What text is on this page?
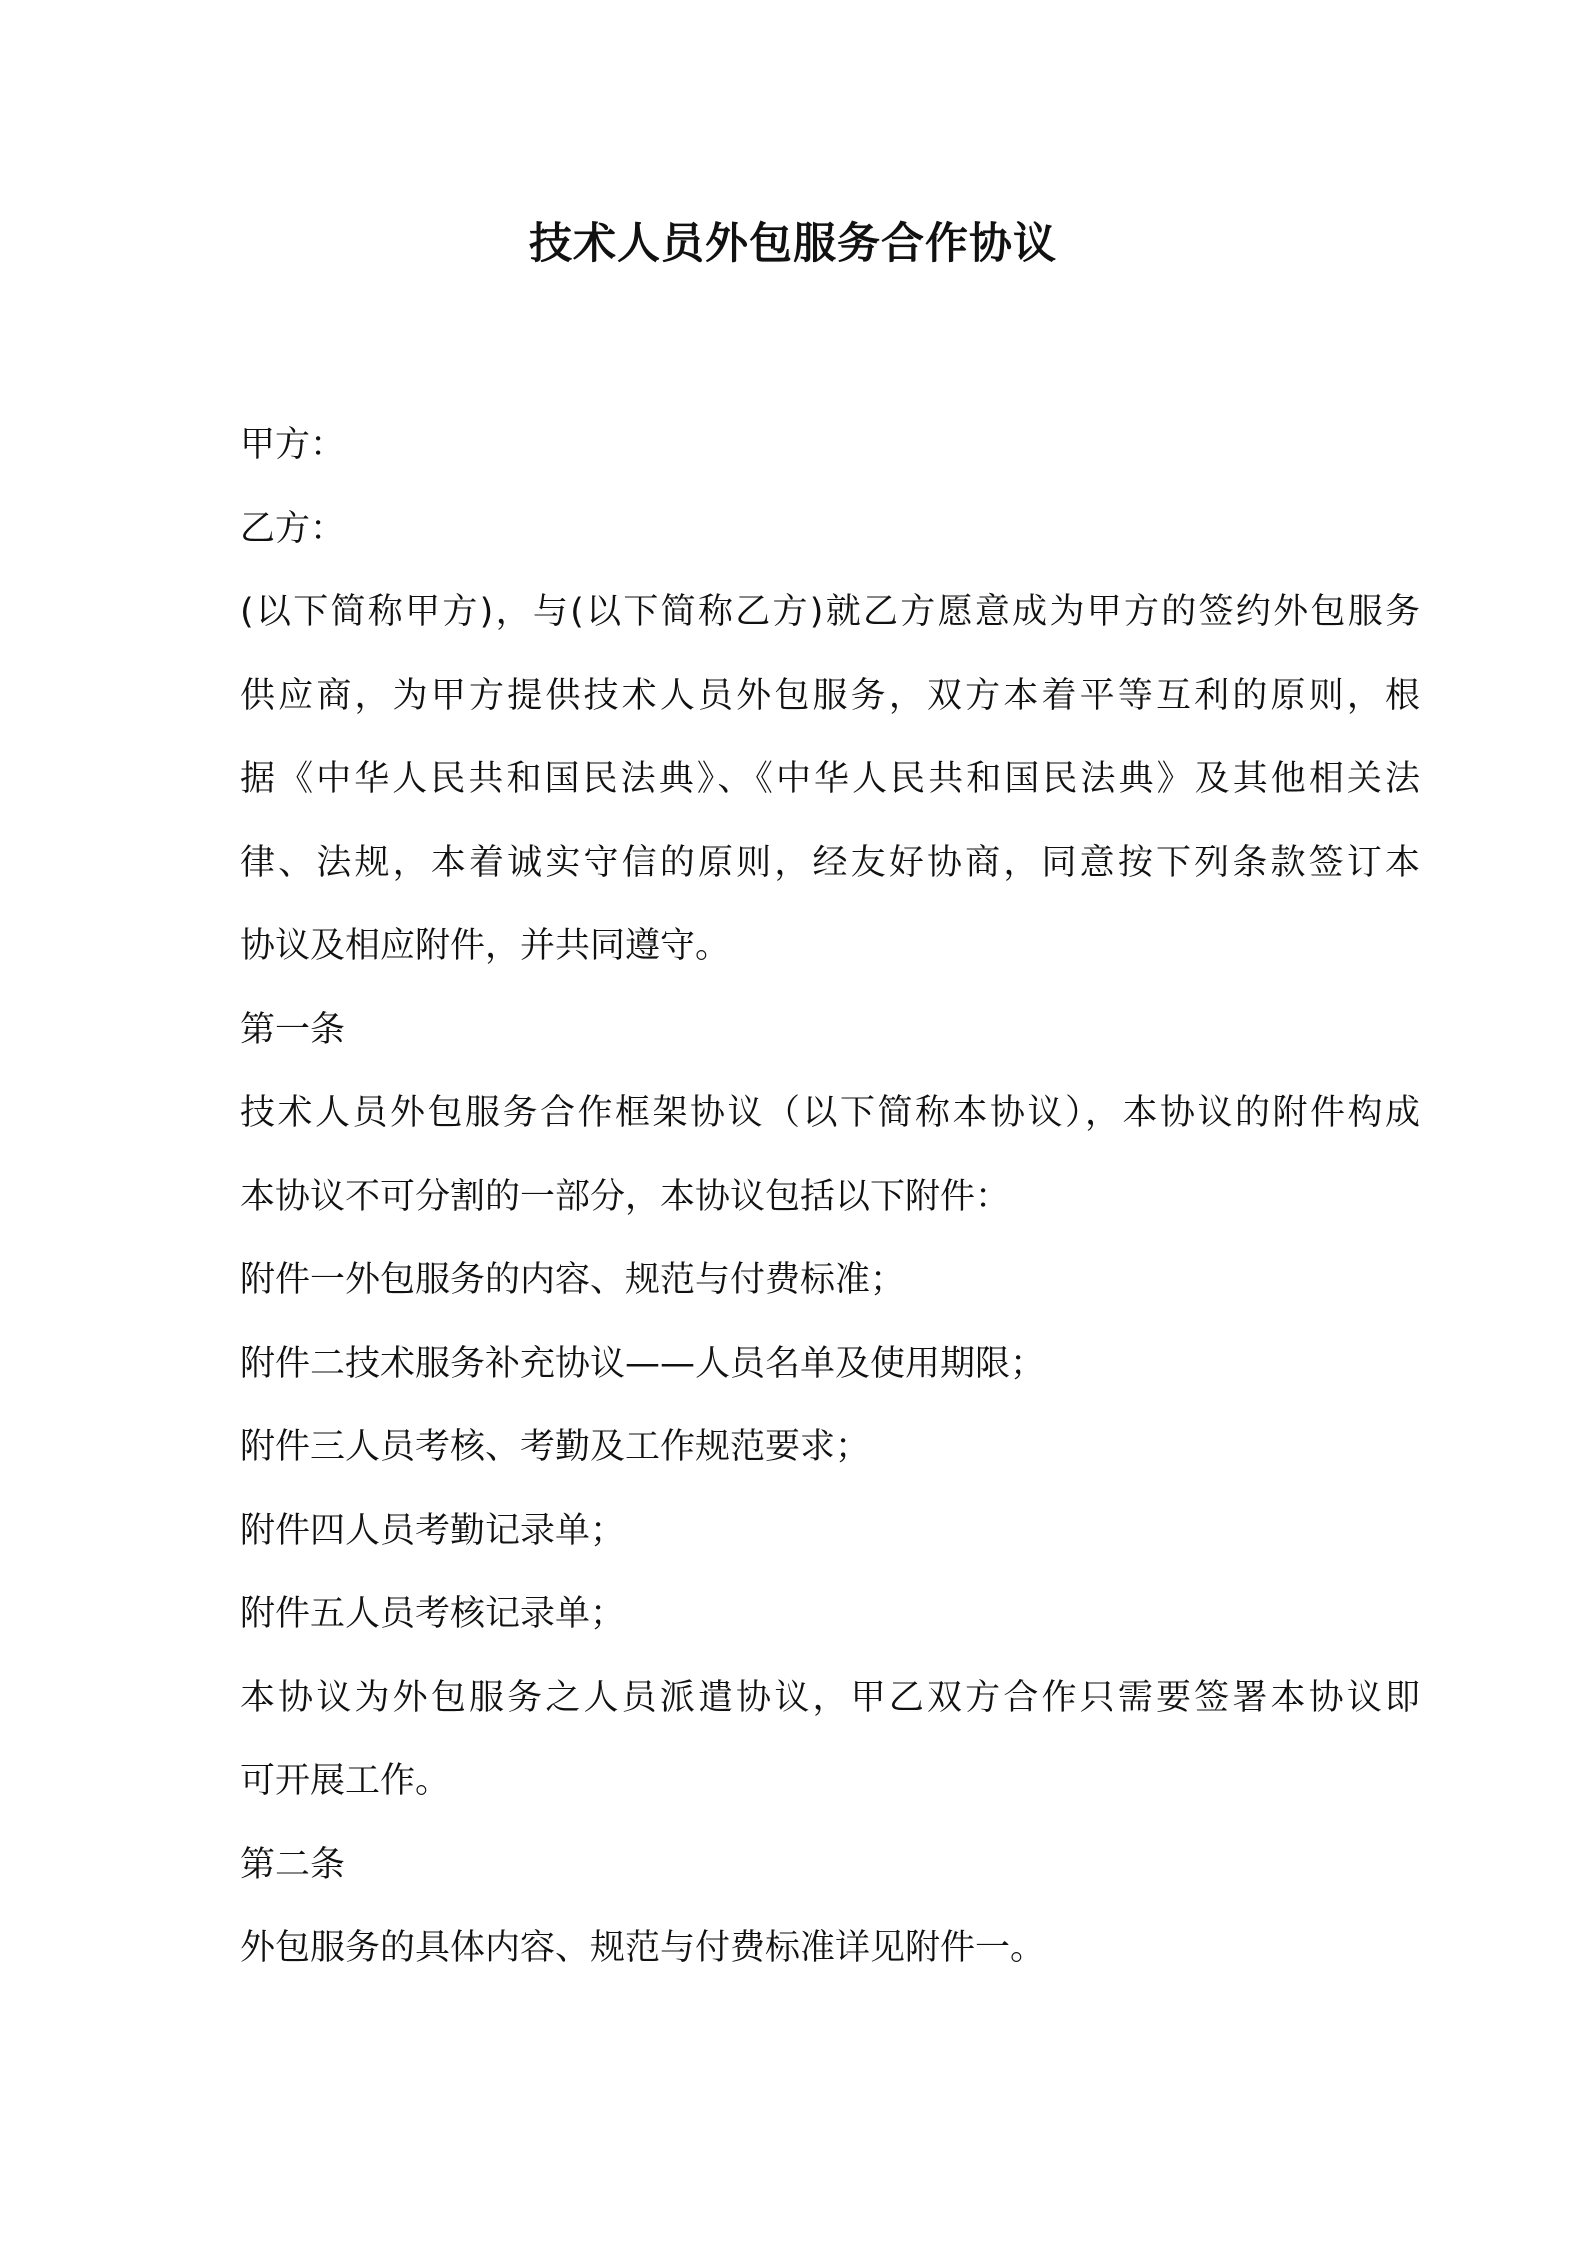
技术人员外包服务合作协议
甲方：
乙方：
(以下简称甲方)，与(以下简称乙方)就乙方愿意成为甲方的签约外包服务
供应商，为甲方提供技术人员外包服务，双方本着平等互利的原则，根
据《中华人民共和国民法典》、《中华人民共和国民法典》及其他相关法
律、法规，本着诚实守信的原则，经友好协商，同意按下列条款签订本
协议及相应附件，并共同遵守。
第一条
技术人员外包服务合作框架协议（以下简称本协议），本协议的附件构成
本协议不可分割的一部分，本协议包括以下附件：
附件一外包服务的内容、规范与付费标准；
附件二技术服务补充协议——人员名单及使用期限；
附件三人员考核、考勤及工作规范要求；
附件四人员考勤记录单；
附件五人员考核记录单；
本协议为外包服务之人员派遣协议，甲乙双方合作只需要签署本协议即
可开展工作。
第二条
外包服务的具体内容、规范与付费标准详见附件一。
